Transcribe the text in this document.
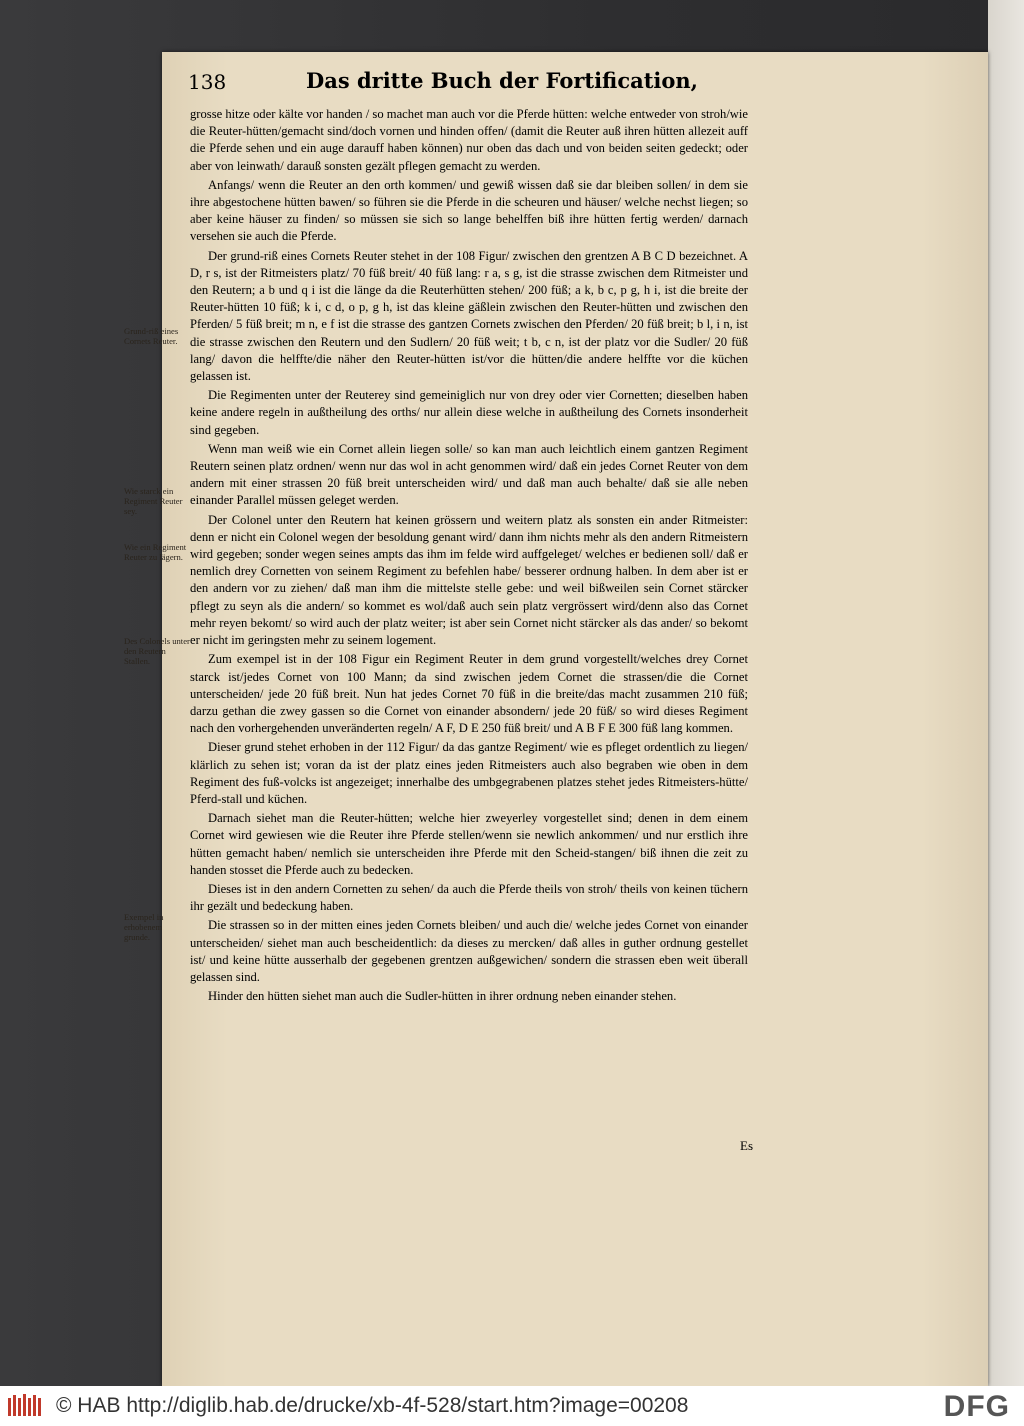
138	Das dritte Buch der Fortification,
Grund-riß eines Cornets Reuter.
Wie starck ein Regiment Reuter sey.
Wie ein Regiment Reuter zu lägern.
Des Colonels unter den Reutern Stallen.
Exempel in erhobenem grunde.

grosse hitze oder kälte vor handen / so machet man auch vor die Pferde hütten: welche entweder von stroh/wie die Reuter-hütten/gemacht sind/doch vornen und hinden offen/ (damit die Reuter auß ihren hütten allezeit auff die Pferde sehen und ein auge darauff haben können) nur oben das dach und von beiden seiten gedeckt; oder aber von leinwath/ darauß sonsten gezält pflegen gemacht zu werden.

Anfangs/ wenn die Reuter an den orth kommen/ und gewiß wissen daß sie dar bleiben sollen/ in dem sie ihre abgestochene hütten bawen/ so führen sie die Pferde in die scheuren und häuser/ welche nechst liegen; so aber keine häuser zu finden/ so müssen sie sich so lange behelffen biß ihre hütten fertig werden/ darnach versehen sie auch die Pferde.

Der grund-riß eines Cornets Reuter stehet in der 108 Figur/ zwischen den grentzen A B C D bezeichnet. A D, r s, ist der Ritmeisters platz/ 70 füß breit/ 40 füß lang: r a, s g, ist die strasse zwischen dem Ritmeister und den Reutern; a b und q i ist die länge da die Reuterhütten stehen/ 200 füß; a k, b c, p g, h i, ist die breite der Reuter-hütten 10 füß; k i, c d, o p, g h, ist das kleine gäßlein zwischen den Reuter-hütten und zwischen den Pferden/ 5 füß breit; m n, e f ist die strasse des gantzen Cornets zwischen den Pferden/ 20 füß breit; b l, i n, ist die strasse zwischen den Reutern und den Sudlern/ 20 füß weit; t b, c n, ist der platz vor die Sudler/ 20 füß lang/ davon die helffte/die näher den Reuter-hütten ist/vor die hütten/die andere helffte vor die küchen gelassen ist.

Die Regimenten unter der Reuterey sind gemeiniglich nur von drey oder vier Cornetten; dieselben haben keine andere regeln in außtheilung des orths/ nur allein diese welche in außtheilung des Cornets insonderheit sind gegeben.

Wenn man weiß wie ein Cornet allein liegen solle/ so kan man auch leichtlich einem gantzen Regiment Reutern seinen platz ordnen/ wenn nur das wol in acht genommen wird/ daß ein jedes Cornet Reuter von dem andern mit einer strassen 20 füß breit unterscheiden wird/ und daß man auch behalte/ daß sie alle neben einander Parallel müssen geleget werden.

Der Colonel unter den Reutern hat keinen grössern und weitern platz als sonsten ein ander Ritmeister: denn er nicht ein Colonel wegen der besoldung genant wird/ dann ihm nichts mehr als den andern Ritmeistern wird gegeben; sonder wegen seines ampts das ihm im felde wird auffgeleget/ welches er bedienen soll/ daß er nemlich drey Cornetten von seinem Regiment zu befehlen habe/ besserer ordnung halben. In dem aber ist er den andern vor zu ziehen/ daß man ihm die mittelste stelle gebe: und weil bißweilen sein Cornet stärcker pflegt zu seyn als die andern/ so kommet es wol/daß auch sein platz vergrössert wird/denn also das Cornet mehr reyen bekomt/ so wird auch der platz weiter; ist aber sein Cornet nicht stärcker als das ander/ so bekomt er nicht im geringsten mehr zu seinem logement.

Zum exempel ist in der 108 Figur ein Regiment Reuter in dem grund vorgestellt/welches drey Cornet starck ist/jedes Cornet von 100 Mann; da sind zwischen jedem Cornet die strassen/die die Cornet unterscheiden/ jede 20 füß breit. Nun hat jedes Cornet 70 füß in die breite/das macht zusammen 210 füß; darzu gethan die zwey gassen so die Cornet von einander absondern/ jede 20 füß/ so wird dieses Regiment nach den vorhergehenden unveränderten regeln/ A F, D E 250 füß breit/ und A B F E 300 füß lang kommen.

Dieser grund stehet erhoben in der 112 Figur/ da das gantze Regiment/ wie es pfleget ordentlich zu liegen/ klärlich zu sehen ist; voran da ist der platz eines jeden Ritmeisters auch also begraben wie oben in dem Regiment des fuß-volcks ist angezeiget; innerhalbe des umbgegrabenen platzes stehet jedes Ritmeisters-hütte/ Pferd-stall und küchen.

Darnach siehet man die Reuter-hütten; welche hier zweyerley vorgestellet sind; denen in dem einem Cornet wird gewiesen wie die Reuter ihre Pferde stellen/wenn sie newlich ankommen/ und nur erstlich ihre hütten gemacht haben/ nemlich sie unterscheiden ihre Pferde mit den Scheid-stangen/ biß ihnen die zeit zu handen stosset die Pferde auch zu bedecken.

Dieses ist in den andern Cornetten zu sehen/ da auch die Pferde theils von stroh/ theils von keinen tüchern ihr gezält und bedeckung haben.

Die strassen so in der mitten eines jeden Cornets bleiben/ und auch die/ welche jedes Cornet von einander unterscheiden/ siehet man auch bescheidentlich: da dieses zu mercken/ daß alles in guther ordnung gestellet ist/ und keine hütte ausserhalb der gegebenen grentzen außgewichen/ sondern die strassen eben weit überall gelassen sind.

Hinder den hütten siehet man auch die Sudler-hütten in ihrer ordnung neben einander stehen.

Es
© HAB http://diglib.hab.de/drucke/xb-4f-528/start.htm?image=00208	DFG
